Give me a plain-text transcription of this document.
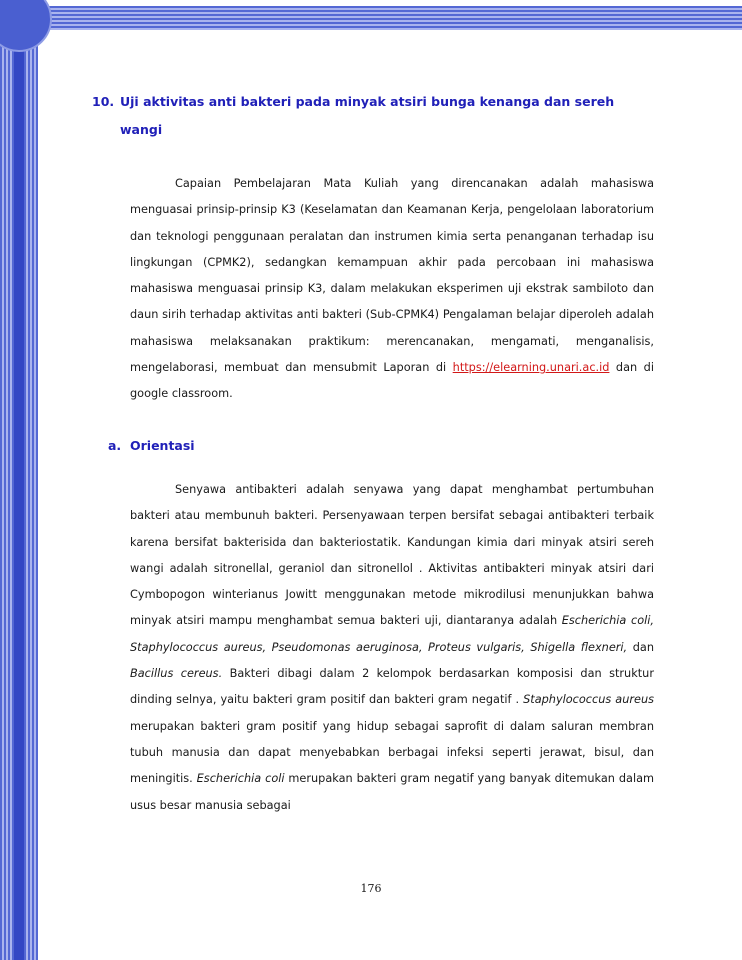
10. Uji aktivitas anti bakteri pada minyak atsiri bunga kenanga dan sereh wangi

Capaian Pembelajaran Mata Kuliah yang direncanakan adalah mahasiswa menguasai prinsip-prinsip K3 (Keselamatan dan Keamanan Kerja, pengelolaan laboratorium dan teknologi penggunaan peralatan dan instrumen kimia serta penanganan terhadap isu lingkungan (CPMK2), sedangkan kemampuan akhir pada percobaan ini mahasiswa mahasiswa menguasai prinsip K3, dalam melakukan eksperimen uji ekstrak sambiloto dan daun sirih terhadap aktivitas anti bakteri (Sub-CPMK4) Pengalaman belajar diperoleh adalah mahasiswa melaksanakan praktikum: merencanakan, mengamati, menganalisis, mengelaborasi, membuat dan mensubmit Laporan di https://elearning.unari.ac.id dan di google classroom.

a. Orientasi

Senyawa antibakteri adalah senyawa yang dapat menghambat pertumbuhan bakteri atau membunuh bakteri. Persenyawaan terpen bersifat sebagai antibakteri terbaik karena bersifat bakterisida dan bakteriostatik. Kandungan kimia dari minyak atsiri sereh wangi adalah sitronellal, geraniol dan sitronellol . Aktivitas antibakteri minyak atsiri dari Cymbopogon winterianus Jowitt menggunakan metode mikrodilusi menunjukkan bahwa minyak atsiri mampu menghambat semua bakteri uji, diantaranya adalah Escherichia coli, Staphylococcus aureus, Pseudomonas aeruginosa, Proteus vulgaris, Shigella flexneri, dan Bacillus cereus. Bakteri dibagi dalam 2 kelompok berdasarkan komposisi dan struktur dinding selnya, yaitu bakteri gram positif dan bakteri gram negatif . Staphylococcus aureus merupakan bakteri gram positif yang hidup sebagai saprofit di dalam saluran membran tubuh manusia dan dapat menyebabkan berbagai infeksi seperti jerawat, bisul, dan meningitis. Escherichia coli merupakan bakteri gram negatif yang banyak ditemukan dalam usus besar manusia sebagai

176
